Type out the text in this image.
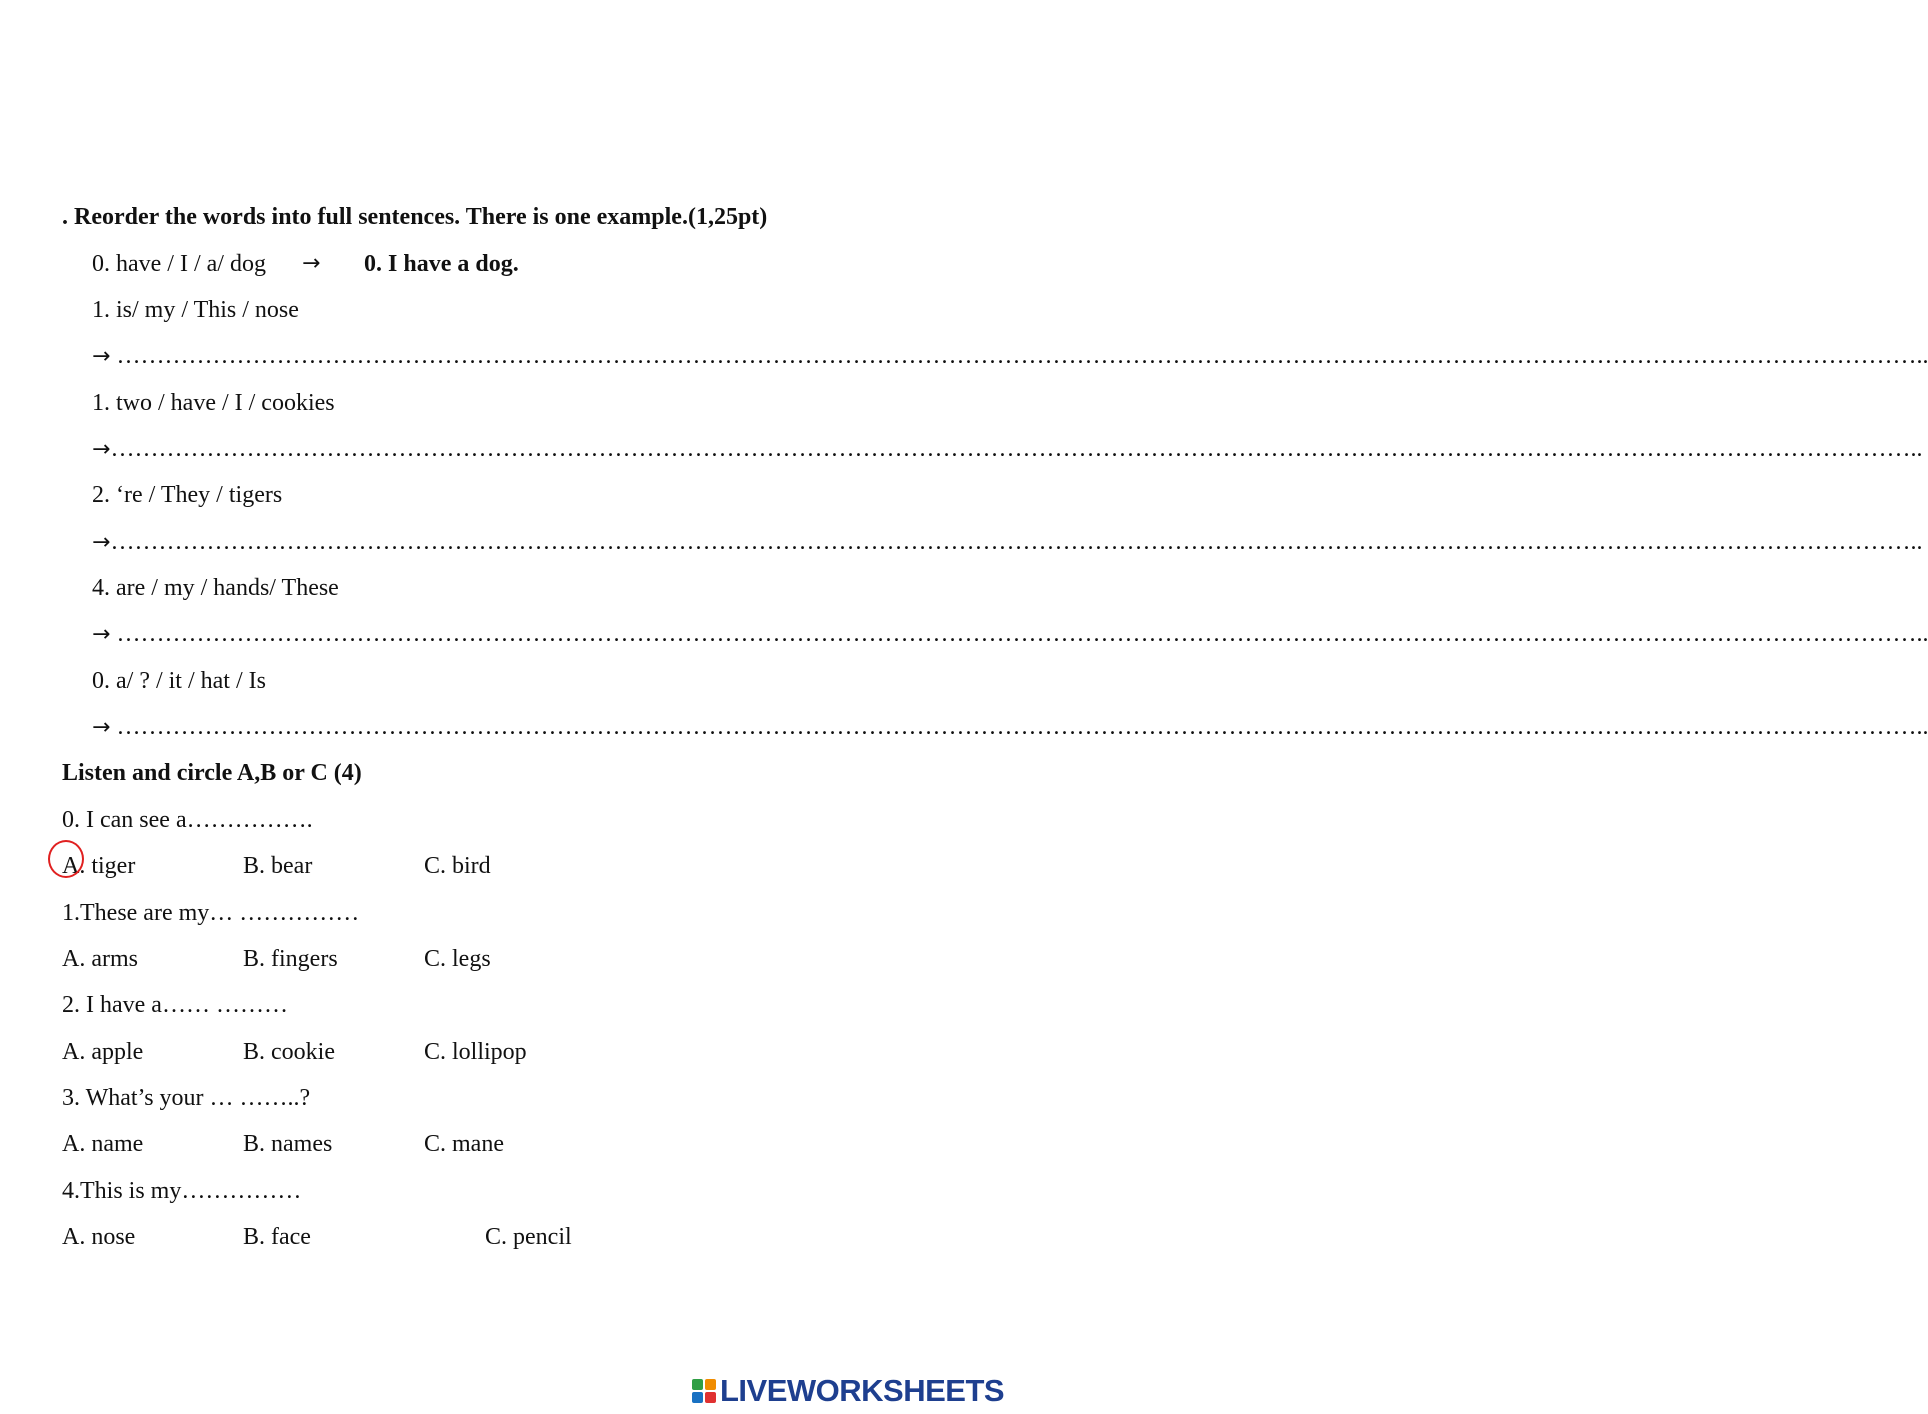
. Reorder the words into full sentences. There is one example.(1,25pt)
0. have / I / a/ dog → 0. I have a dog.
1. is/ my / This / nose
→ ………………………………………………………………………………………………………………………………………………………………………………………………………..
1. two / have / I / cookies
→………………………………………………………………………………………………………………………………………………………………………………………………………..
2. ‘re / They / tigers
→………………………………………………………………………………………………………………………………………………………………………………………………………..
4. are / my / hands/ These
→ ………………………………………………………………………………………………………………………………………………………………………………………………………..
0. a/ ? / it / hat / Is
→ ………………………………………………………………………………………………………………………………………………………………………………………………………..
Listen and circle A,B or C (4)
0. I can see a…………….
A. tiger	B. bear	C. bird
1.These are my… ……………
A. arms	B. fingers	C. legs
2. I have a…… ………
A. apple	B. cookie	C. lollipop
3. What’s your … ……..?
A. name	B. names	C. mane
4.This is my……………
A. nose	B. face	C. pencil
LIVEWORKSHEETS
